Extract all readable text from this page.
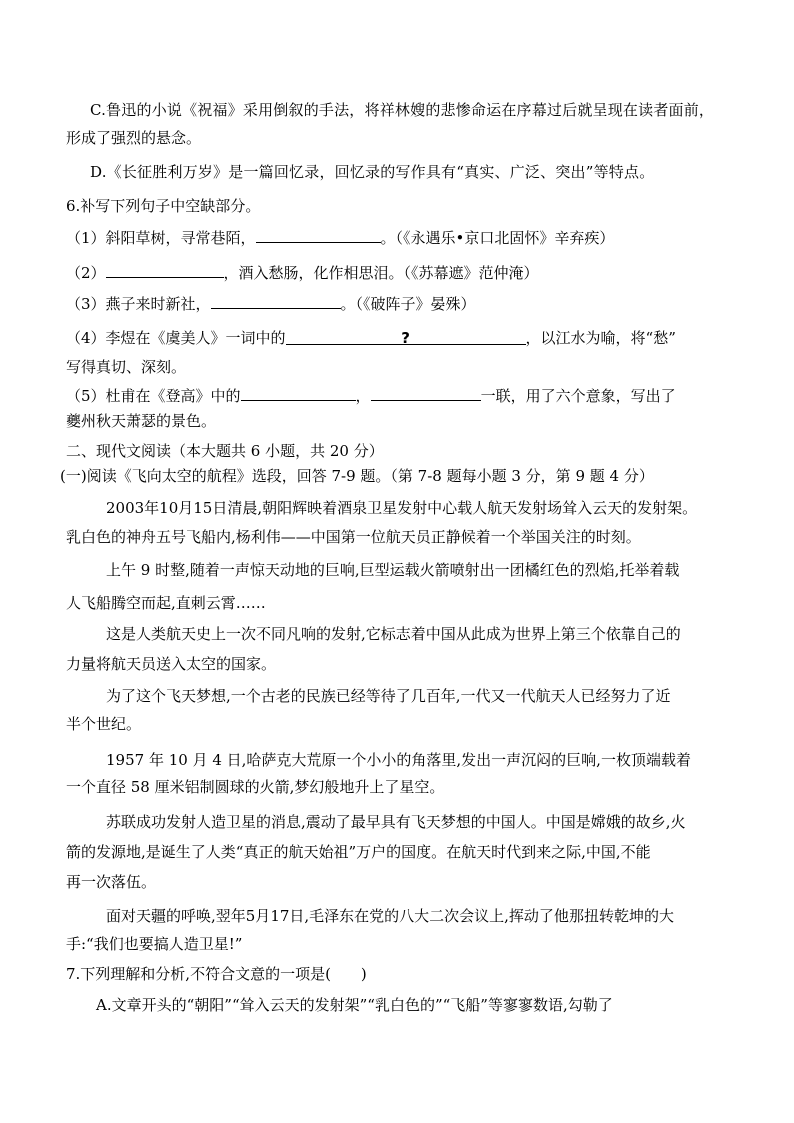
C.鲁迅的小说《祝福》采用倒叙的手法，将祥林嫂的悲惨命运在序幕过后就呈现在读者面前，
形成了强烈的悬念。
D.《长征胜利万岁》是一篇回忆录，回忆录的写作具有“真实、广泛、突出”等特点。
6.补写下列句子中空缺部分。
（1）斜阳草树，寻常巷陌，	。（《永遇乐•京口北固怀》辛弃疾）
（2）	，酒入愁肠，化作相思泪。（《苏幕遮》范仲淹）
（3）燕子来时新社，	。（《破阵子》晏殊）
（4）李煜在《虞美人》一词中的	?	，以江水为喻，将“愁”
写得真切、深刻。
（5）杜甫在《登高》中的	，	一联，用了六个意象，写出了
夔州秋天萧瑟的景色。
二、现代文阅读（本大题共 6 小题，共 20 分）
(一)阅读《飞向太空的航程》选段，回答 7-9 题。（第 7-8 题每小题 3 分，第 9 题 4 分）
2003年10月15日清晨,朝阳辉映着酒泉卫星发射中心载人航天发射场耸入云天的发射架。
乳白色的神舟五号飞船内,杨利伟——中国第一位航天员正静候着一个举国关注的时刻。
上午 9 时整,随着一声惊天动地的巨响,巨型运载火箭喷射出一团橘红色的烈焰,托举着载
人飞船腾空而起,直刺云霄……
这是人类航天史上一次不同凡响的发射,它标志着中国从此成为世界上第三个依靠自己的
力量将航天员送入太空的国家。
为了这个飞天梦想,一个古老的民族已经等待了几百年,一代又一代航天人已经努力了近
半个世纪。
1957 年 10 月 4 日,哈萨克大荒原一个小小的角落里,发出一声沉闷的巨响,一枚顶端载着
一个直径 58 厘米铝制圆球的火箭,梦幻般地升上了星空。
苏联成功发射人造卫星的消息,震动了最早具有飞天梦想的中国人。中国是嫦娥的故乡,火
箭的发源地,是诞生了人类“真正的航天始祖”万户的国度。在航天时代到来之际,中国,不能
再一次落伍。
面对天疆的呼唤,翌年5月17日,毛泽东在党的八大二次会议上,挥动了他那扭转乾坤的大
手:“我们也要搞人造卫星!”
7.下列理解和分析,不符合文意的一项是(　　)
A.文章开头的“朝阳”“耸入云天的发射架”“乳白色的”“飞船”等寥寥数语,勾勒了
